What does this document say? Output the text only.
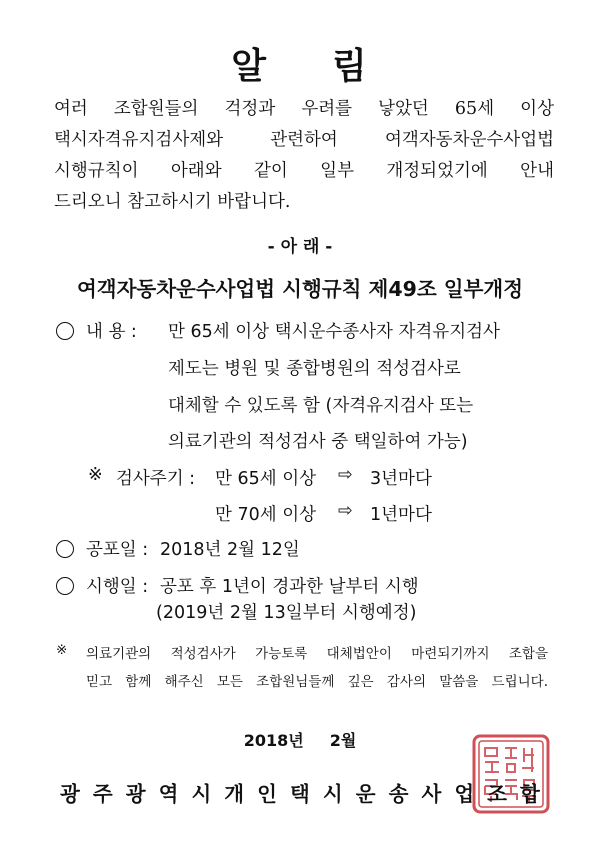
알 림
여러 조합원들의 걱정과 우려를 낳았던 65세 이상
택시자격유지검사제와 관련하여 여객자동차운수사업법
시행규칙이 아래와 같이 일부 개정되었기에 안내
드리오니 참고하시기 바랍니다.
- 아 래 -
여객자동차운수사업법 시행규칙 제49조 일부개정
내 용 : 만 65세 이상 택시운수종사자 자격유지검사
제도는 병원 및 종합병원의 적성검사로
대체할 수 있도록 함 (자격유지검사 또는
의료기관의 적성검사 중 택일하여 가능)
※ 검사주기 : 만 65세 이상 ⇨ 3년마다
만 70세 이상 ⇨ 1년마다
공포일 : 2018년 2월 12일
시행일 : 공포 후 1년이 경과한 날부터 시행
(2019년 2월 13일부터 시행예정)
※ 의료기관의 적성검사가 가능토록 대체법안이 마련되기까지 조합을
믿고 함께 해주신 모든 조합원님들께 깊은 감사의 말씀을 드립니다.
2018년 2월
광 주 광 역 시 개 인 택 시 운 송 사 업 조 합
